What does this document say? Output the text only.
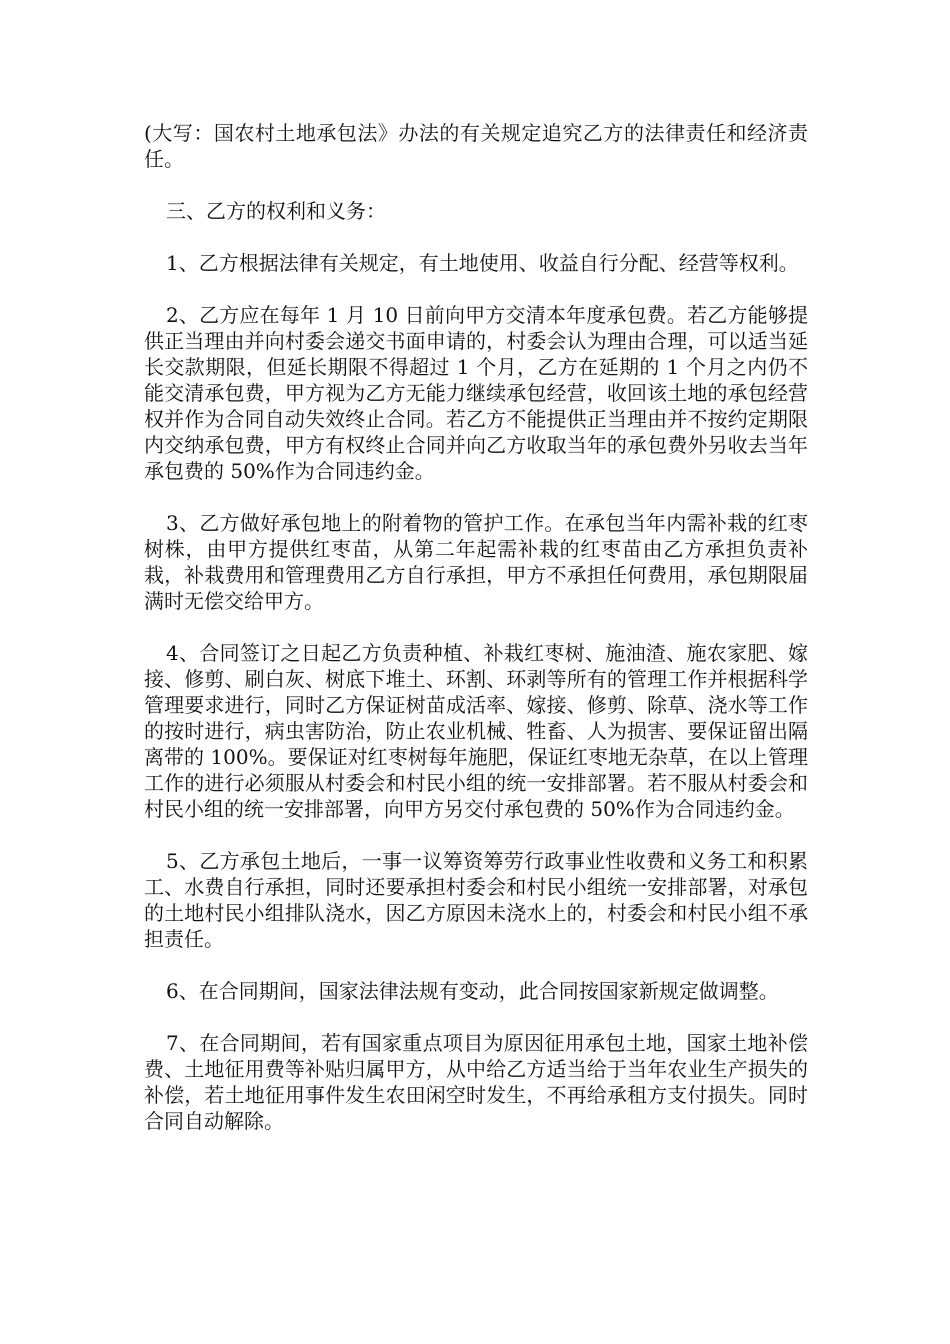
(大写：国农村土地承包法》办法的有关规定追究乙方的法律责任和经济责任。

三、乙方的权利和义务：

1、乙方根据法律有关规定，有土地使用、收益自行分配、经营等权利。

2、乙方应在每年 1 月 10 日前向甲方交清本年度承包费。若乙方能够提供正当理由并向村委会递交书面申请的，村委会认为理由合理，可以适当延长交款期限，但延长期限不得超过 1 个月，乙方在延期的 1 个月之内仍不能交清承包费，甲方视为乙方无能力继续承包经营，收回该土地的承包经营权并作为合同自动失效终止合同。若乙方不能提供正当理由并不按约定期限内交纳承包费，甲方有权终止合同并向乙方收取当年的承包费外另收去当年承包费的 50%作为合同违约金。

3、乙方做好承包地上的附着物的管护工作。在承包当年内需补栽的红枣树株，由甲方提供红枣苗，从第二年起需补栽的红枣苗由乙方承担负责补栽，补栽费用和管理费用乙方自行承担，甲方不承担任何费用，承包期限届满时无偿交给甲方。

4、合同签订之日起乙方负责种植、补栽红枣树、施油渣、施农家肥、嫁接、修剪、刷白灰、树底下堆土、环割、环剥等所有的管理工作并根据科学管理要求进行，同时乙方保证树苗成活率、嫁接、修剪、除草、浇水等工作的按时进行，病虫害防治，防止农业机械、牲畜、人为损害、要保证留出隔离带的 100%。要保证对红枣树每年施肥，保证红枣地无杂草，在以上管理工作的进行必须服从村委会和村民小组的统一安排部署。若不服从村委会和村民小组的统一安排部署，向甲方另交付承包费的 50%作为合同违约金。

5、乙方承包土地后，一事一议筹资筹劳行政事业性收费和义务工和积累工、水费自行承担，同时还要承担村委会和村民小组统一安排部署，对承包的土地村民小组排队浇水，因乙方原因未浇水上的，村委会和村民小组不承担责任。

6、在合同期间，国家法律法规有变动，此合同按国家新规定做调整。

7、在合同期间，若有国家重点项目为原因征用承包土地，国家土地补偿费、土地征用费等补贴归属甲方，从中给乙方适当给于当年农业生产损失的补偿，若土地征用事件发生农田闲空时发生，不再给承租方支付损失。同时合同自动解除。
